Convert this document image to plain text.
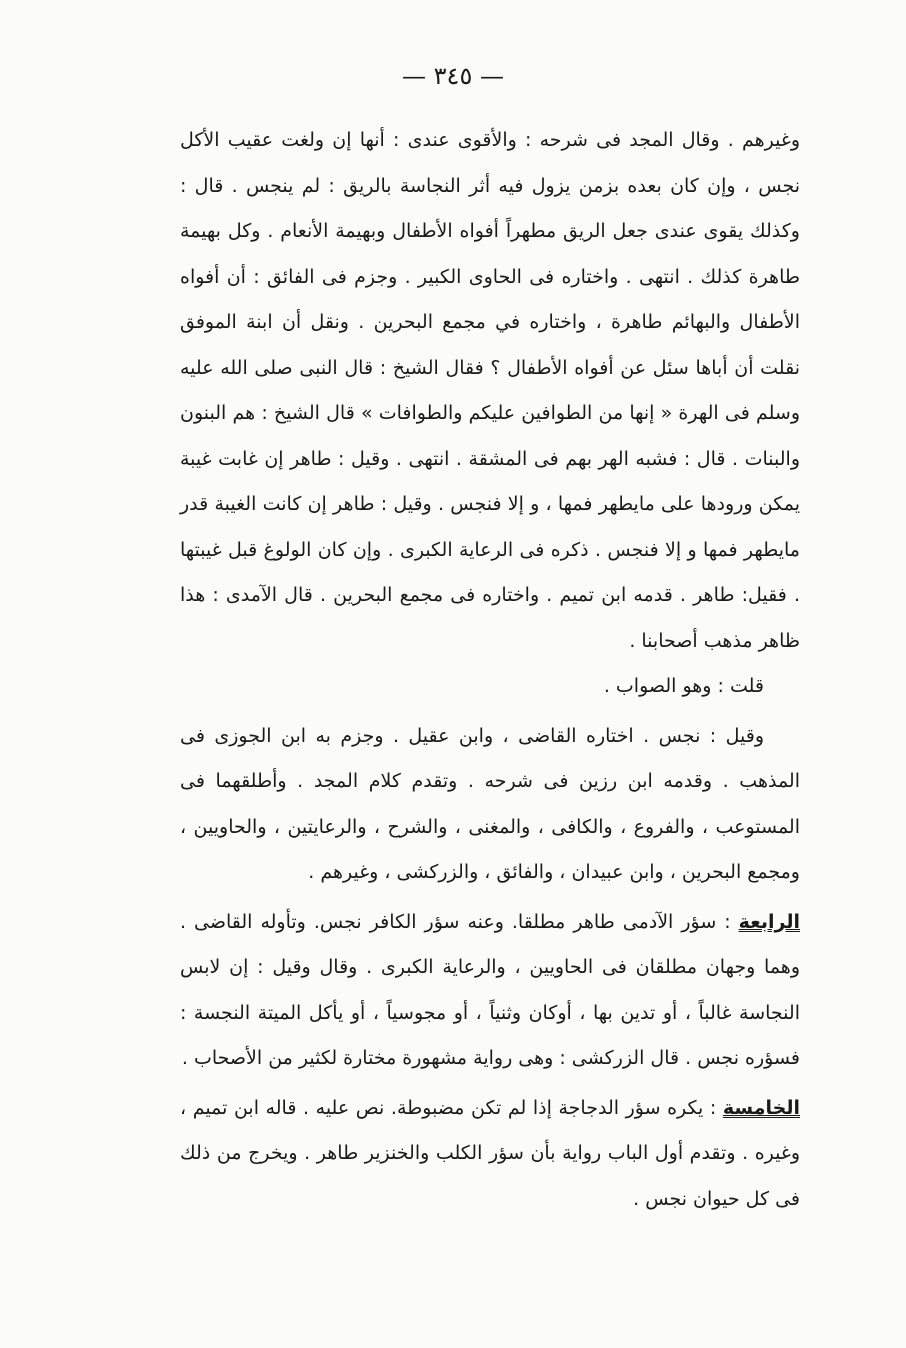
— ٣٤٥ —

وغيرهم . وقال المجد فى شرحه : والأقوى عندى : أنها إن ولغت عقيب الأكل نجس ، وإن كان بعده بزمن يزول فيه أثر النجاسة بالريق : لم ينجس . قال : وكذلك يقوى عندى جعل الريق مطهراً أفواه الأطفال وبهيمة الأنعام . وكل بهيمة طاهرة كذلك . انتهى . واختاره فى الحاوى الكبير . وجزم فى الفائق : أن أفواه الأطفال والبهائم طاهرة ، واختاره في مجمع البحرين . ونقل أن ابنة الموفق نقلت أن أباها سئل عن أفواه الأطفال ؟ فقال الشيخ : قال النبى صلى الله عليه وسلم فى الهرة « إنها من الطوافين عليكم والطوافات » قال الشيخ : هم البنون والبنات . قال : فشبه الهر بهم فى المشقة . انتهى . وقيل : طاهر إن غابت غيبة يمكن ورودها على مايطهر فمها ، و إلا فنجس . وقيل : طاهر إن كانت الغيبة قدر مايطهر فمها و إلا فنجس . ذكره فى الرعاية الكبرى . وإن كان الولوغ قبل غيبتها . فقيل: طاهر . قدمه ابن تميم . واختاره فى مجمع البحرين . قال الآمدى : هذا ظاهر مذهب أصحابنا .

قلت : وهو الصواب .

وقيل : نجس . اختاره القاضى ، وابن عقيل . وجزم به ابن الجوزى فى المذهب . وقدمه ابن رزين فى شرحه . وتقدم كلام المجد . وأطلقهما فى المستوعب ، والفروع ، والكافى ، والمغنى ، والشرح ، والرعايتين ، والحاويين ، ومجمع البحرين ، وابن عبيدان ، والفائق ، والزركشى ، وغيرهم .

الرابعة : سؤر الآدمى طاهر مطلقا. وعنه سؤر الكافر نجس. وتأوله القاضى . وهما وجهان مطلقان فى الحاويين ، والرعاية الكبرى . وقال وقيل : إن لابس النجاسة غالباً ، أو تدين بها ، أوكان وثنياً ، أو مجوسياً ، أو يأكل الميتة النجسة : فسؤره نجس . قال الزركشى : وهى رواية مشهورة مختارة لكثير من الأصحاب .

الخامسة : يكره سؤر الدجاجة إذا لم تكن مضبوطة. نص عليه . قاله ابن تميم ، وغيره . وتقدم أول الباب رواية بأن سؤر الكلب والخنزير طاهر . ويخرج من ذلك فى كل حيوان نجس .
